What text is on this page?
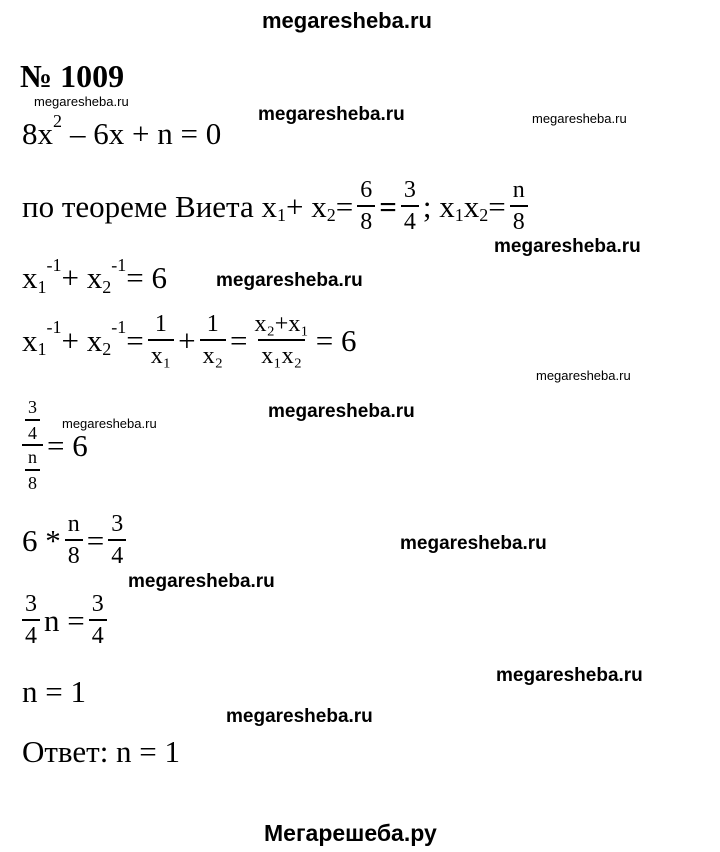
megaresheba.ru
megaresheba.ru
megaresheba.ru	megaresheba.ru
megaresheba.ru
megaresheba.ru
megaresheba.ru
megaresheba.ru
megaresheba.ru
megaresheba.ru
megaresheba.ru
megaresheba.ru
megaresheba.ru
Мегарешеба.ру
№ 1009
8x 2 – 6x + n = 0
по теореме Виета x 1 + x $2 = \frac{6}{8} = \frac{3}{4}$ ; x 1 x $2 = \frac{n}{8}$
x 1
-1 + x 2
-1 = 6
x 1
-1 + x 2
$-1 = \frac{1}{\text{x₁}} + \frac{1}{\text{x₂}} = \frac{\text{x₂+x₁}}{\text{x₁x₂}} = 6$
$\frac{\frac{3}{4}}{\frac{n}{8}} = 6$
$6 * \frac{n}{8} = \frac{3}{4}$
$\frac{3}{4}$ $n = \frac{3}{4}$
n = 1
Ответ: n = 1
